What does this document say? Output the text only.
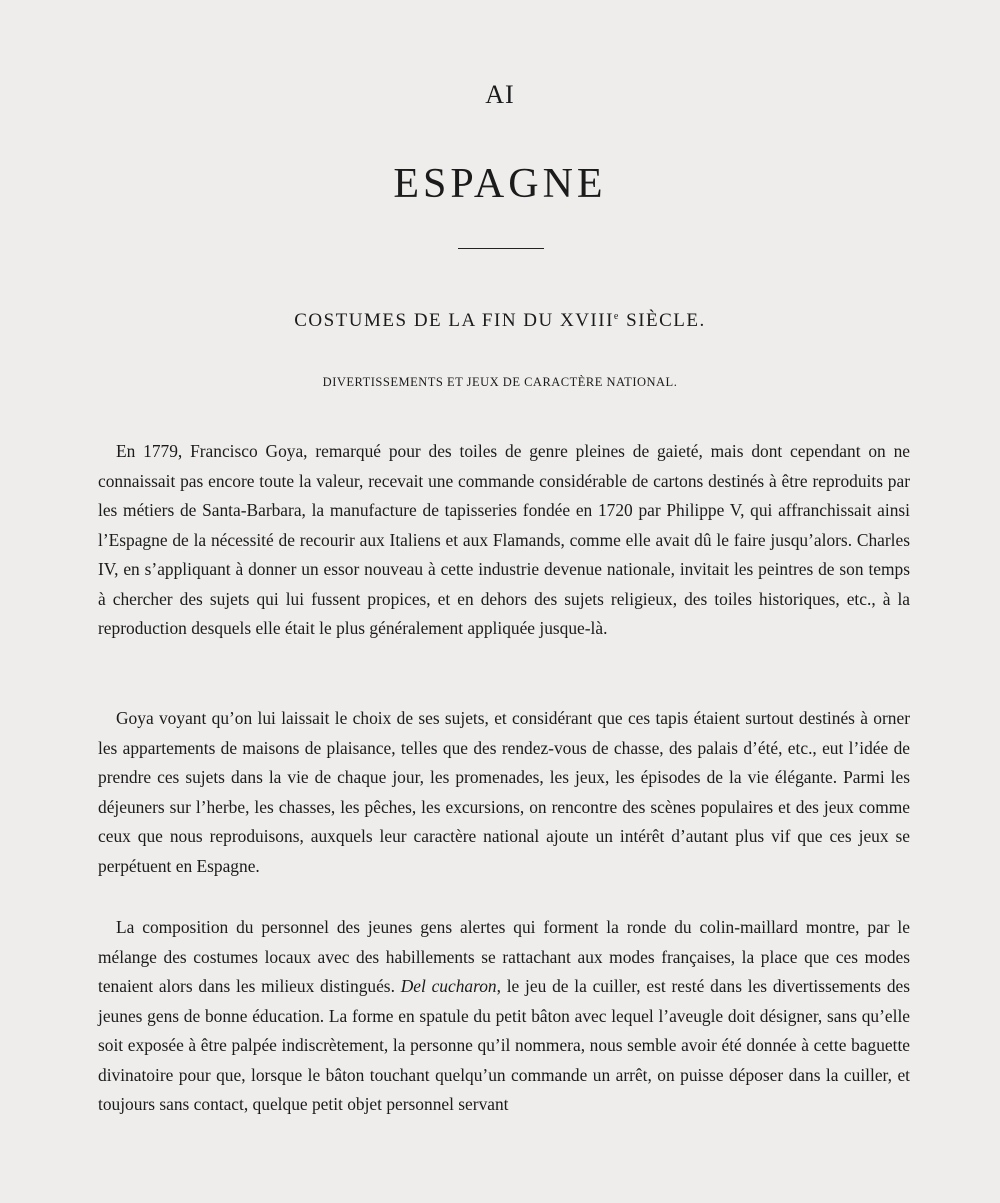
AI
ESPAGNE
COSTUMES DE LA FIN DU XVIIIe SIÈCLE.
DIVERTISSEMENTS ET JEUX DE CARACTÈRE NATIONAL.

En 1779, Francisco Goya, remarqué pour des toiles de genre pleines de gaieté, mais dont cependant on ne connaissait pas encore toute la valeur, recevait une commande considérable de cartons destinés à être reproduits par les métiers de Santa-Barbara, la manufacture de tapisseries fondée en 1720 par Philippe V, qui affranchissait ainsi l’Espagne de la nécessité de recourir aux Italiens et aux Flamands, comme elle avait dû le faire jusqu’alors. Charles IV, en s’appliquant à donner un essor nouveau à cette industrie devenue nationale, invitait les peintres de son temps à chercher des sujets qui lui fussent propices, et en dehors des sujets religieux, des toiles historiques, etc., à la reproduction desquels elle était le plus généralement appliquée jusque-là.

Goya voyant qu’on lui laissait le choix de ses sujets, et considérant que ces tapis étaient surtout destinés à orner les appartements de maisons de plaisance, telles que des rendez-vous de chasse, des palais d’été, etc., eut l’idée de prendre ces sujets dans la vie de chaque jour, les promenades, les jeux, les épisodes de la vie élégante. Parmi les déjeuners sur l’herbe, les chasses, les pêches, les excursions, on rencontre des scènes populaires et des jeux comme ceux que nous reproduisons, auxquels leur caractère national ajoute un intérêt d’autant plus vif que ces jeux se perpétuent en Espagne.

La composition du personnel des jeunes gens alertes qui forment la ronde du colin-maillard montre, par le mélange des costumes locaux avec des habillements se rattachant aux modes françaises, la place que ces modes tenaient alors dans les milieux distingués. Del cucharon, le jeu de la cuiller, est resté dans les divertissements des jeunes gens de bonne éducation. La forme en spatule du petit bâton avec lequel l’aveugle doit désigner, sans qu’elle soit exposée à être palpée indiscrètement, la personne qu’il nommera, nous semble avoir été donnée à cette baguette divinatoire pour que, lorsque le bâton touchant quelqu’un commande un arrêt, on puisse déposer dans la cuiller, et toujours sans contact, quelque petit objet personnel servant
